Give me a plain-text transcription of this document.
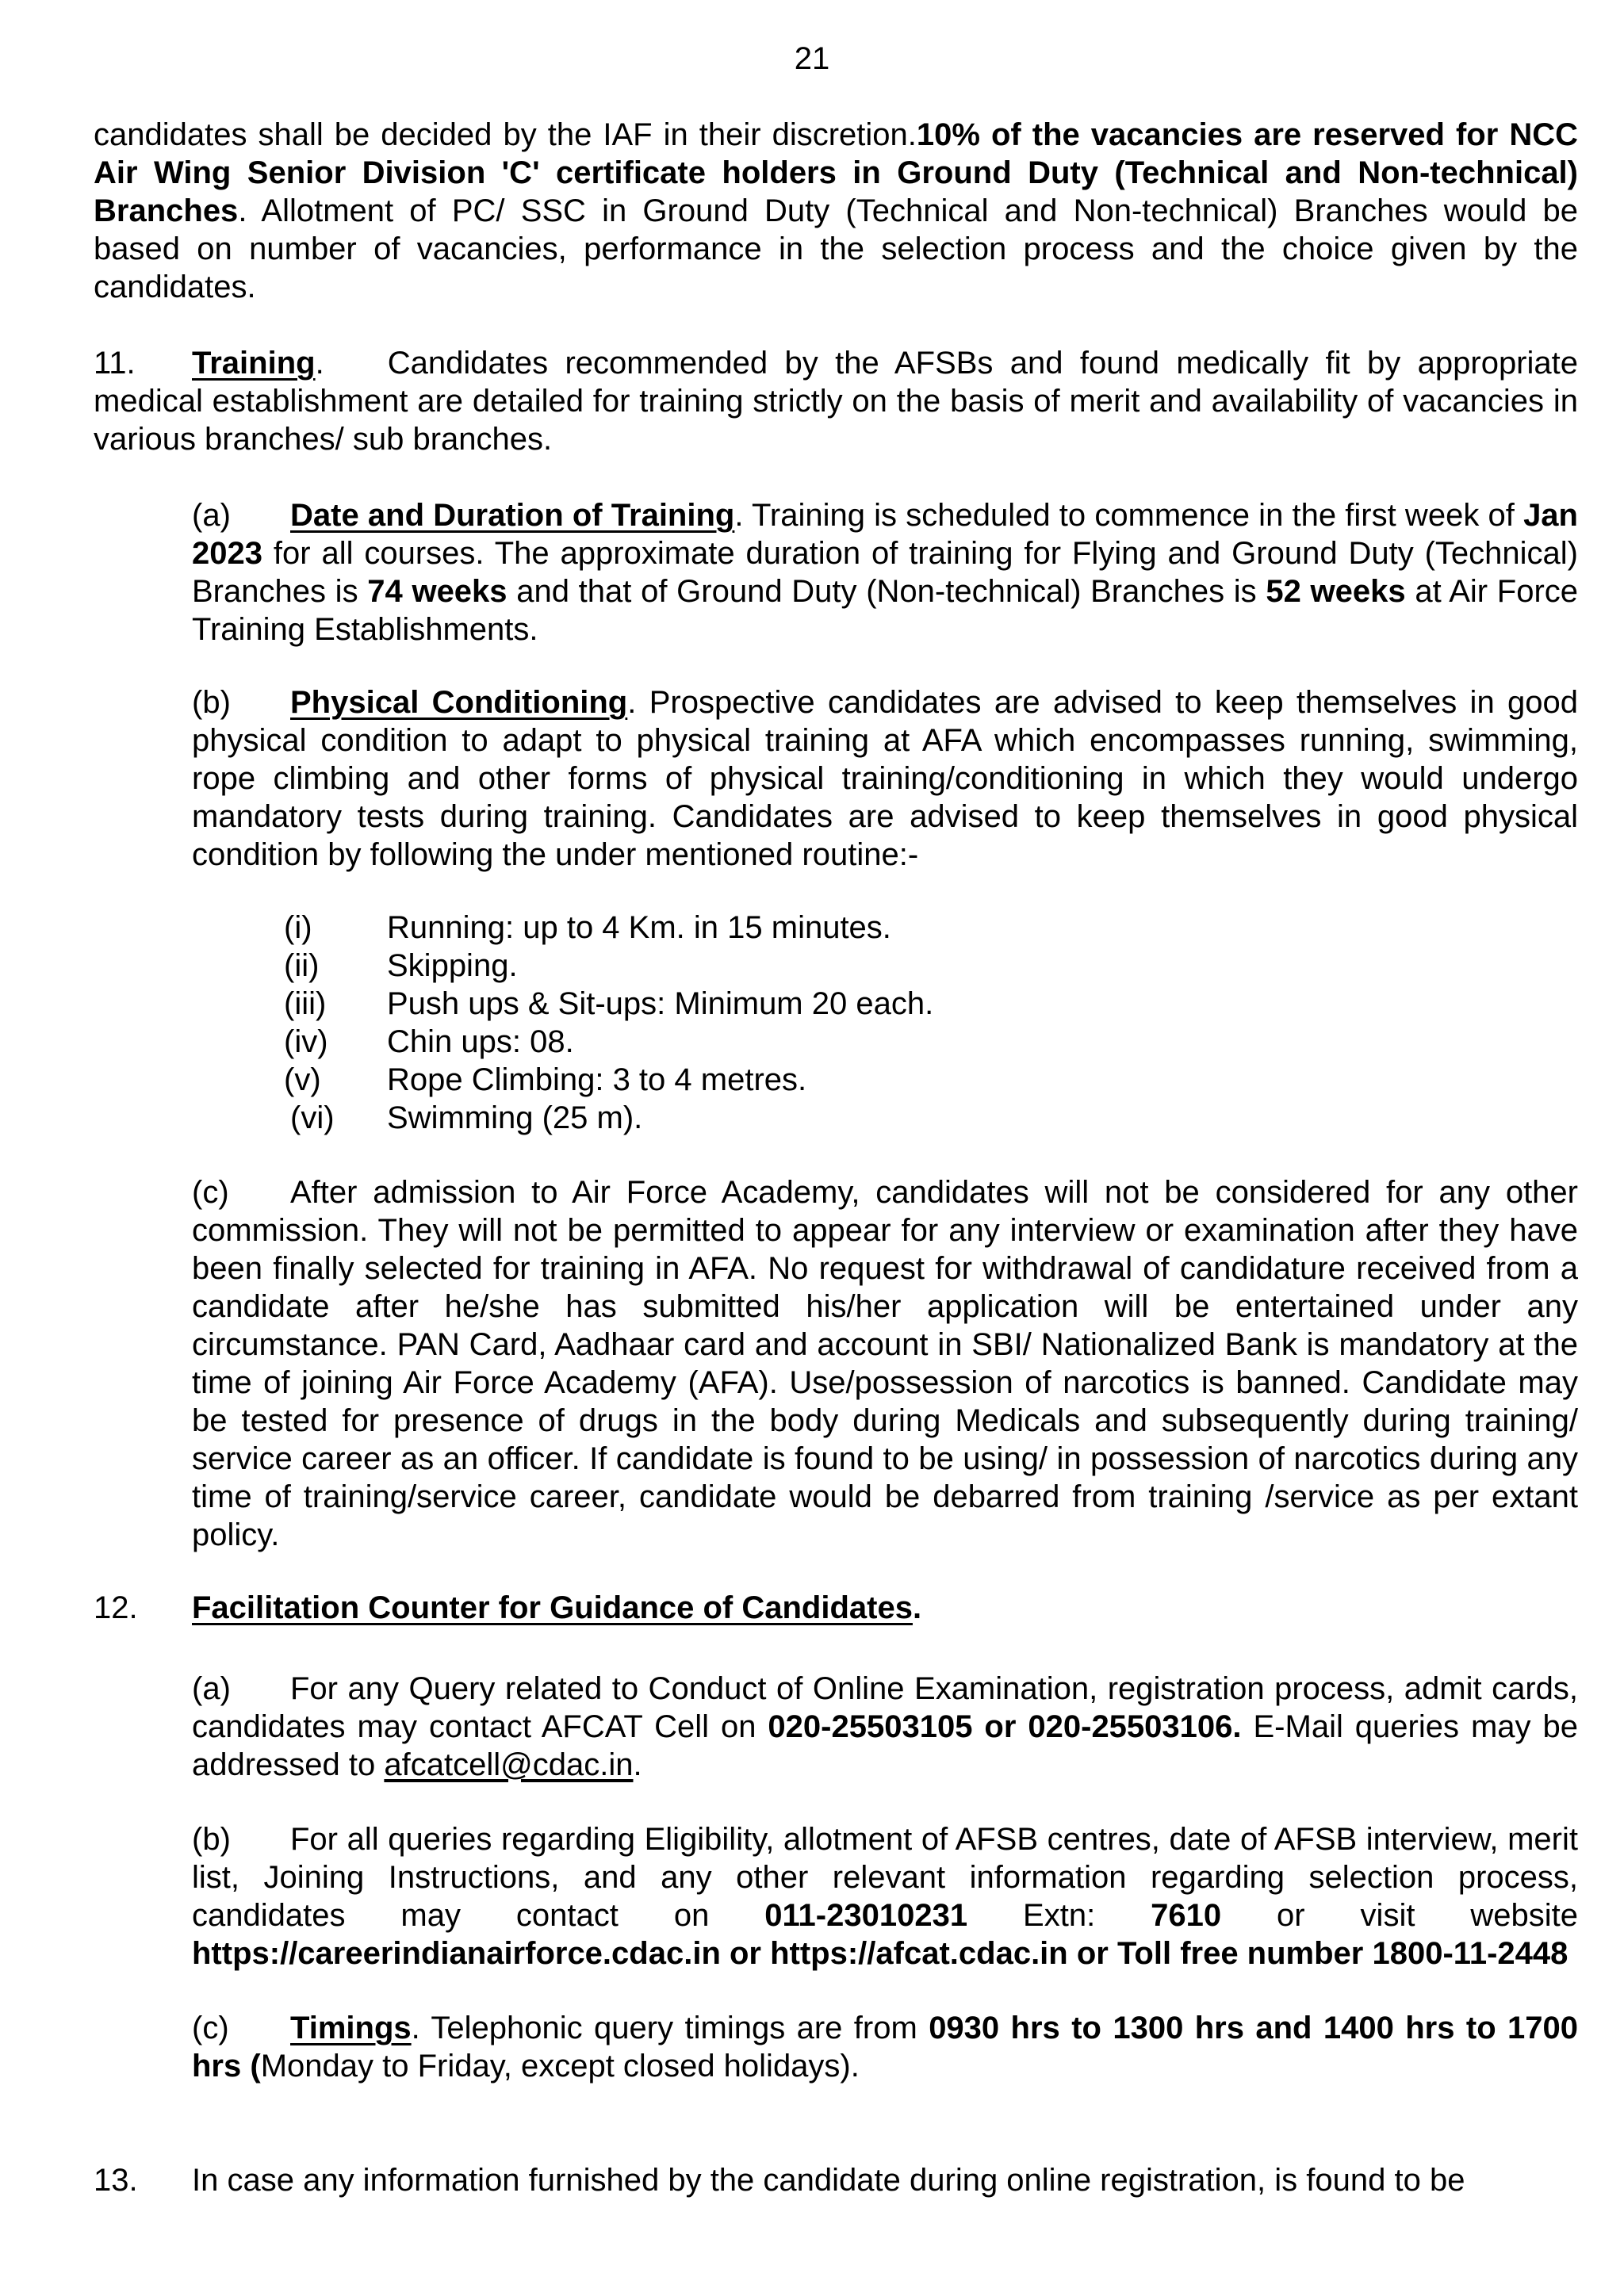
21
candidates shall be decided by the IAF in their discretion.10% of the vacancies are reserved for NCC Air Wing Senior Division 'C' certificate holders in Ground Duty (Technical and Non-technical) Branches. Allotment of PC/ SSC in Ground Duty (Technical and Non-technical) Branches would be based on number of vacancies, performance in the selection process and the choice given by the candidates.
11. Training. Candidates recommended by the AFSBs and found medically fit by appropriate medical establishment are detailed for training strictly on the basis of merit and availability of vacancies in various branches/ sub branches.
(a) Date and Duration of Training. Training is scheduled to commence in the first week of Jan 2023 for all courses. The approximate duration of training for Flying and Ground Duty (Technical) Branches is 74 weeks and that of Ground Duty (Non-technical) Branches is 52 weeks at Air Force Training Establishments.
(b) Physical Conditioning. Prospective candidates are advised to keep themselves in good physical condition to adapt to physical training at AFA which encompasses running, swimming, rope climbing and other forms of physical training/conditioning in which they would undergo mandatory tests during training. Candidates are advised to keep themselves in good physical condition by following the under mentioned routine:-
(i) Running: up to 4 Km. in 15 minutes.
(ii) Skipping.
(iii) Push ups & Sit-ups: Minimum 20 each.
(iv) Chin ups: 08.
(v) Rope Climbing: 3 to 4 metres.
(vi) Swimming (25 m).
(c) After admission to Air Force Academy, candidates will not be considered for any other commission. They will not be permitted to appear for any interview or examination after they have been finally selected for training in AFA. No request for withdrawal of candidature received from a candidate after he/she has submitted his/her application will be entertained under any circumstance. PAN Card, Aadhaar card and account in SBI/ Nationalized Bank is mandatory at the time of joining Air Force Academy (AFA). Use/possession of narcotics is banned. Candidate may be tested for presence of drugs in the body during Medicals and subsequently during training/ service career as an officer. If candidate is found to be using/ in possession of narcotics during any time of training/service career, candidate would be debarred from training /service as per extant policy.
12. Facilitation Counter for Guidance of Candidates.
(a) For any Query related to Conduct of Online Examination, registration process, admit cards, candidates may contact AFCAT Cell on 020-25503105 or 020-25503106. E-Mail queries may be addressed to afcatcell@cdac.in.
(b) For all queries regarding Eligibility, allotment of AFSB centres, date of AFSB interview, merit list, Joining Instructions, and any other relevant information regarding selection process, candidates may contact on 011-23010231 Extn: 7610 or visit website https://careerindianairforce.cdac.in or https://afcat.cdac.in or Toll free number 1800-11-2448
(c) Timings. Telephonic query timings are from 0930 hrs to 1300 hrs and 1400 hrs to 1700 hrs (Monday to Friday, except closed holidays).
13. In case any information furnished by the candidate during online registration, is found to be
